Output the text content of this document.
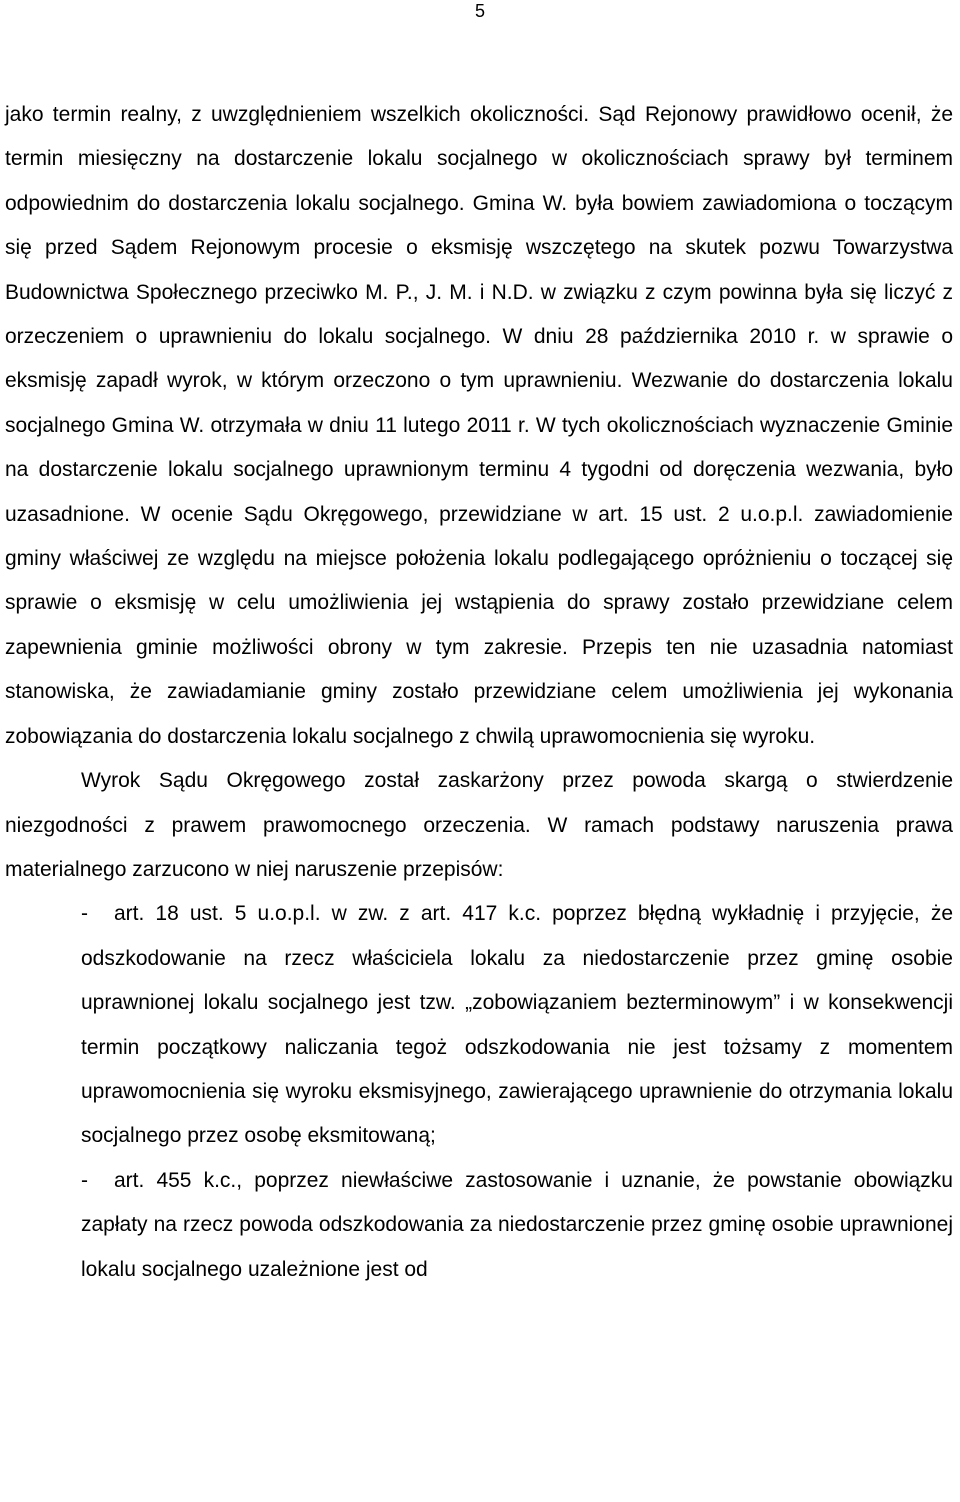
5

jako termin realny, z uwzględnieniem wszelkich okoliczności. Sąd Rejonowy prawidłowo ocenił, że termin miesięczny na dostarczenie lokalu socjalnego w okolicznościach sprawy był terminem odpowiednim do dostarczenia lokalu socjalnego. Gmina W. była bowiem zawiadomiona o toczącym się przed Sądem Rejonowym procesie o eksmisję wszczętego na skutek pozwu Towarzystwa Budownictwa Społecznego przeciwko M. P., J. M. i N.D. w związku z czym powinna była się liczyć z orzeczeniem o uprawnieniu do lokalu socjalnego. W dniu 28 października 2010 r. w sprawie o eksmisję zapadł wyrok, w którym orzeczono o tym uprawnieniu. Wezwanie do dostarczenia lokalu socjalnego Gmina W. otrzymała w dniu 11 lutego 2011 r. W tych okolicznościach wyznaczenie Gminie na dostarczenie lokalu socjalnego uprawnionym terminu 4 tygodni od doręczenia wezwania, było uzasadnione. W ocenie Sądu Okręgowego, przewidziane w art. 15 ust. 2 u.o.p.l. zawiadomienie gminy właściwej ze względu na miejsce położenia lokalu podlegającego opróżnieniu o toczącej się sprawie o eksmisję w celu umożliwienia jej wstąpienia do sprawy zostało przewidziane celem zapewnienia gminie możliwości obrony w tym zakresie. Przepis ten nie uzasadnia natomiast stanowiska, że zawiadamianie gminy zostało przewidziane celem umożliwienia jej wykonania zobowiązania do dostarczenia lokalu socjalnego z chwilą uprawomocnienia się wyroku.

Wyrok Sądu Okręgowego został zaskarżony przez powoda skargą o stwierdzenie niezgodności z prawem prawomocnego orzeczenia. W ramach podstawy naruszenia prawa materialnego zarzucono w niej naruszenie przepisów:

-	art. 18 ust. 5 u.o.p.l. w zw. z art. 417 k.c. poprzez błędną wykładnię i przyjęcie, że odszkodowanie na rzecz właściciela lokalu za niedostarczenie przez gminę osobie uprawnionej lokalu socjalnego jest tzw. „zobowiązaniem bezterminowym” i w konsekwencji termin początkowy naliczania tegoż odszkodowania nie jest tożsamy z momentem uprawomocnienia się wyroku eksmisyjnego, zawierającego uprawnienie do otrzymania lokalu socjalnego przez osobę eksmitowaną;

-	art. 455 k.c., poprzez niewłaściwe zastosowanie i uznanie, że powstanie obowiązku zapłaty na rzecz powoda odszkodowania za niedostarczenie przez gminę osobie uprawnionej lokalu socjalnego uzależnione jest od
